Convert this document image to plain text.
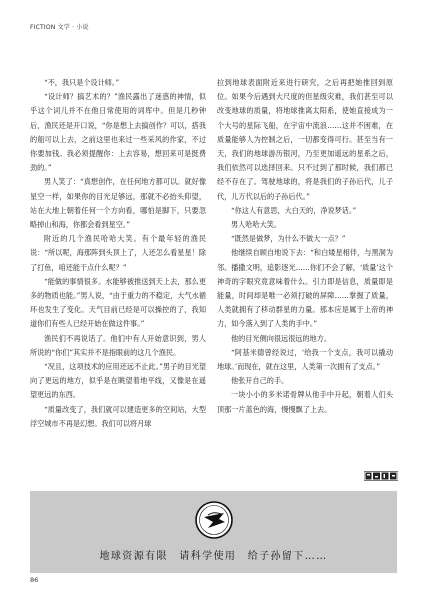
FICTION 文学 · 小说

“不，我只是个设计师。”

“设计师？搞艺术的？”渔民露出了迷惑的神情，似乎这个词儿并不在他日常使用的词库中。但是几秒钟后，渔民还是开口说，“你是想上去搞创作？可以，搭我的船可以上去，之前这里也来过一些采风的作家，不过你要加钱。我必须提醒你：上去容易，想回来可是挺费劲的。”

男人笑了：“真想创作，在任何地方都可以。就好像星空一样，如果你的目光足够远，那就不必抬头仰望，站在大地上朝着任何一个方向看，哪怕是脚下，只要忽略掉山和海，你都会看到星空。”

附近的几个渔民哈哈大笑。有个最年轻的渔民说：“所以呢，海那阵到头顶上了，人还怎么看星星！除了打鱼，咱还能干点什么呢？”

“能做的事情很多。水能够被推送到天上去，那么更多的物质也能。”男人说，“由于重力的不稳定，大气水循环也发生了变化。天气目前已经是可以操控的了，我知道你们有些人已经开始在做这件事。”

渔民们不再说话了。他们中有人开始意识到，男人所说的“你们”其实并不是指眼前的这几个渔民。

“况且，这项技术的应用还远不止此。”男子的目光望向了更远的地方，似乎是在眺望着地平线，又像是在遥望更远的东西。

“质量改变了，我们就可以建造更多的空间站，大型浮空城市不再是幻想。我们可以将月球

拉到地球表面附近来进行研究，之后再把她推回到原位。如果今后遇到大尺度的但星级灾难，我们甚至可以改变地球的质量，将地球推离太阳系，使她直接成为一个大号的星际飞船，在宇宙中流浪……这并不困难，在质量能够人为控制之后，一切都变得可行。甚至当有一天，我们的地球游历银河，乃至更加遥远的星系之后，我们依然可以选择回来。只不过到了那时候，我们都已经不存在了。驾驶地球的，将是我们的子孙后代，儿子代，儿万代以后的子孙后代。”

“你这人有意思，大白天的，净说梦话。”

男人哈哈大笑。

“既然是做梦，为什么不做大一点？”

他继续自顾自地说下去：“和白矮星相伴，与黑洞为邻。播撒文明，追影逐光……你们不会了解，‘质量’这个神奇的字眼究竟意味着什么。引力即是信息，质量即是能量，时间却是唯一必须打破的屏障……掌握了质量，人类就拥有了移动群星的力量。那本应是属于上帝的神力，如今落入到了人类的手中。”

他的目光侧向很远很远的地方。

“阿基米德曾经说过，‘给我一个支点，我可以撬动地球。’而现在，就在这里，人类第一次拥有了支点。”

他张开自己的手。

一块小小的多米诺骨牌从他手中升起，朝着人们头顶那一片蓝色的海，慢慢飘了上去。

地球资源有限　请科学使用　给子孙留下……
86
